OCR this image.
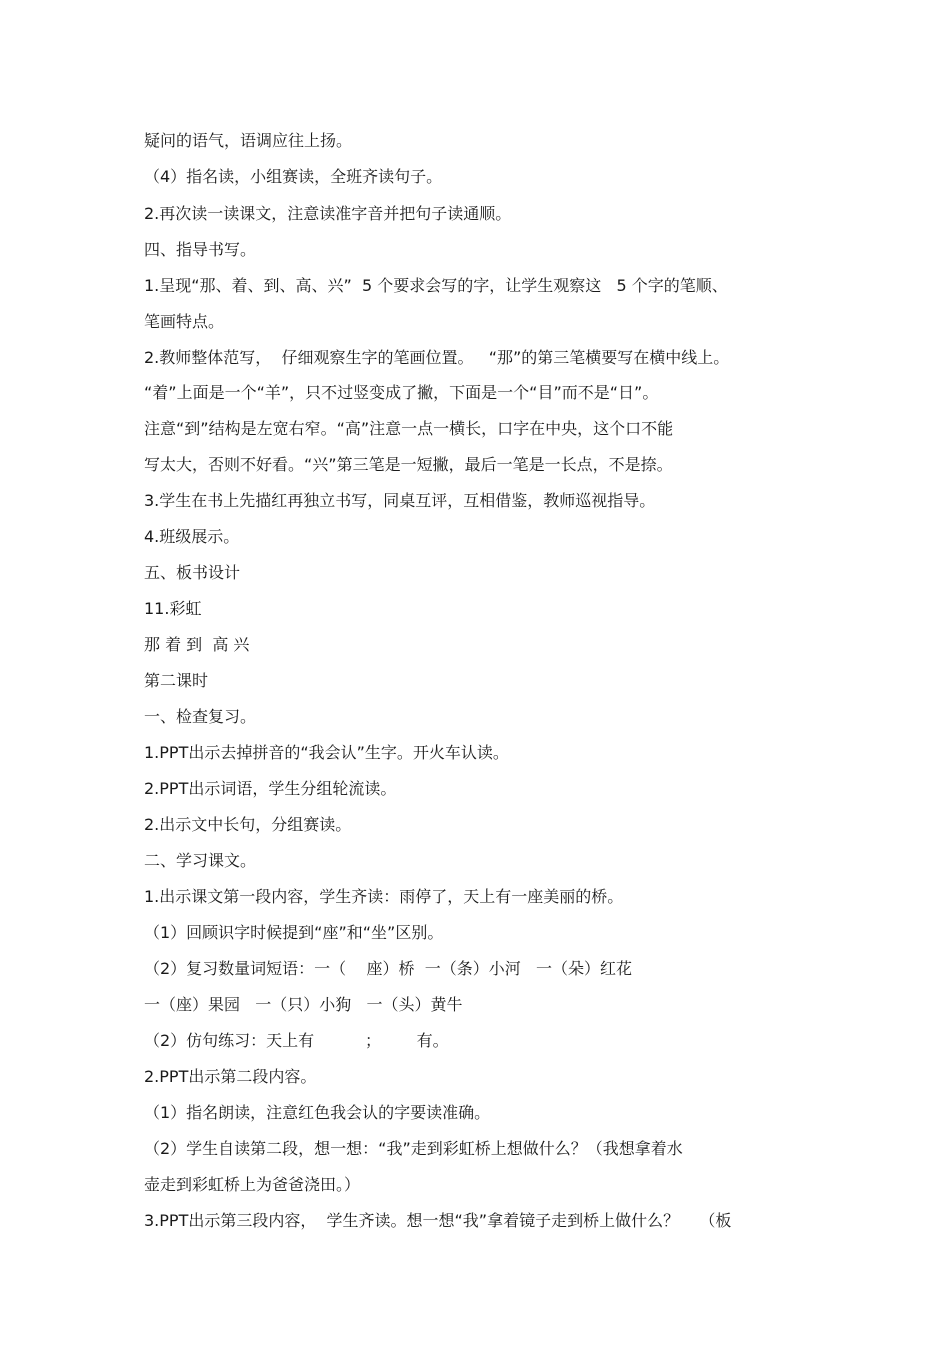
疑问的语气，语调应往上扬。
（4）指名读，小组赛读，全班齐读句子。
2.再次读一读课文，注意读准字音并把句子读通顺。
四、指导书写。
1.呈现“那、着、到、高、兴”  5 个要求会写的字，让学生观察这   5 个字的笔顺、
笔画特点。
2.教师整体范写，  仔细观察生字的笔画位置。   “那”的第三笔横要写在横中线上。
“着”上面是一个“羊”，只不过竖变成了撇，下面是一个“目”而不是“日”。
注意“到”结构是左宽右窄。“高”注意一点一横长，口字在中央，这个口不能
写太大，否则不好看。“兴”第三笔是一短撇，最后一笔是一长点，不是捺。
3.学生在书上先描红再独立书写，同桌互评，互相借鉴，教师巡视指导。
4.班级展示。
五、板书设计
11.彩虹
那 着 到  高 兴
第二课时
一、检查复习。
1.PPT出示去掉拼音的“我会认”生字。开火车认读。
2.PPT出示词语，学生分组轮流读。
2.出示文中长句，分组赛读。
二、学习课文。
1.出示课文第一段内容，学生齐读：雨停了，天上有一座美丽的桥。
（1）回顾识字时候提到“座”和“坐”区别。
（2）复习数量词短语：一（    座）桥  一（条）小河   一（朵）红花
一（座）果园   一（只）小狗   一（头）黄牛
（2）仿句练习：天上有          ；       有。
2.PPT出示第二段内容。
（1）指名朗读，注意红色我会认的字要读准确。
（2）学生自读第二段，想一想：“我”走到彩虹桥上想做什么？（我想拿着水
壶走到彩虹桥上为爸爸浇田。）
3.PPT出示第三段内容，  学生齐读。想一想“我”拿着镜子走到桥上做什么？    （板
